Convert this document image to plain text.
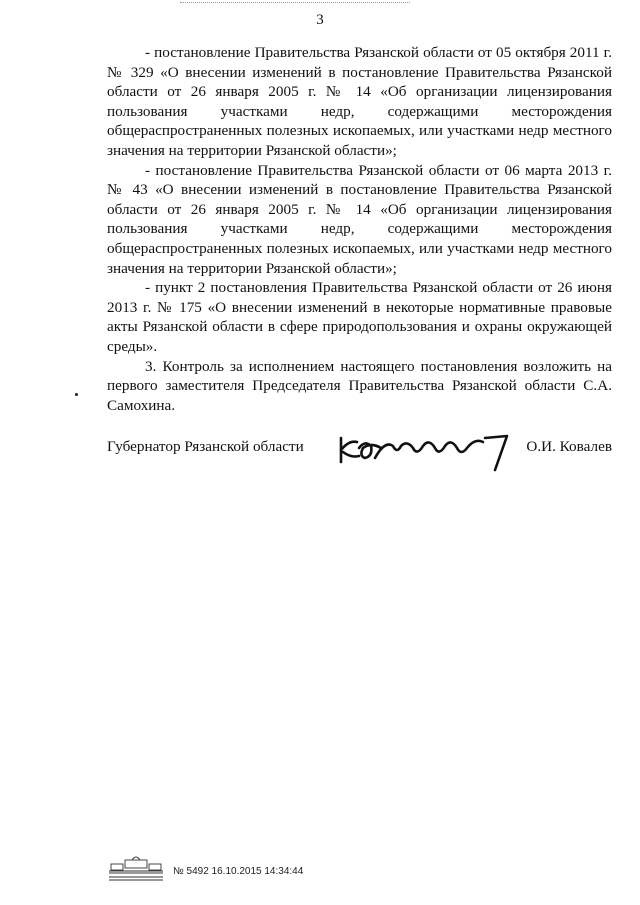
3

- постановление Правительства Рязанской области от 05 октября 2011 г. № 329 «О внесении изменений в постановление Правительства Рязанской области от 26 января 2005 г. № 14 «Об организации лицензирования пользования участками недр, содержащими месторождения общераспространенных полезных ископаемых, или участками недр местного значения на территории Рязанской области»;

- постановление Правительства Рязанской области от 06 марта 2013 г. № 43 «О внесении изменений в постановление Правительства Рязанской области от 26 января 2005 г. № 14 «Об организации лицензирования пользования участками недр, содержащими месторождения общераспространенных полезных ископаемых, или участками недр местного значения на территории Рязанской области»;

- пункт 2 постановления Правительства Рязанской области от 26 июня 2013 г. № 175 «О внесении изменений в некоторые нормативные правовые акты Рязанской области в сфере природопользования и охраны окружающей среды».

3. Контроль за исполнением настоящего постановления возложить на первого заместителя Председателя Правительства Рязанской области С.А. Самохина.

Губернатор Рязанской области	О.И. Ковалев
№ 5492 16.10.2015 14:34:44
